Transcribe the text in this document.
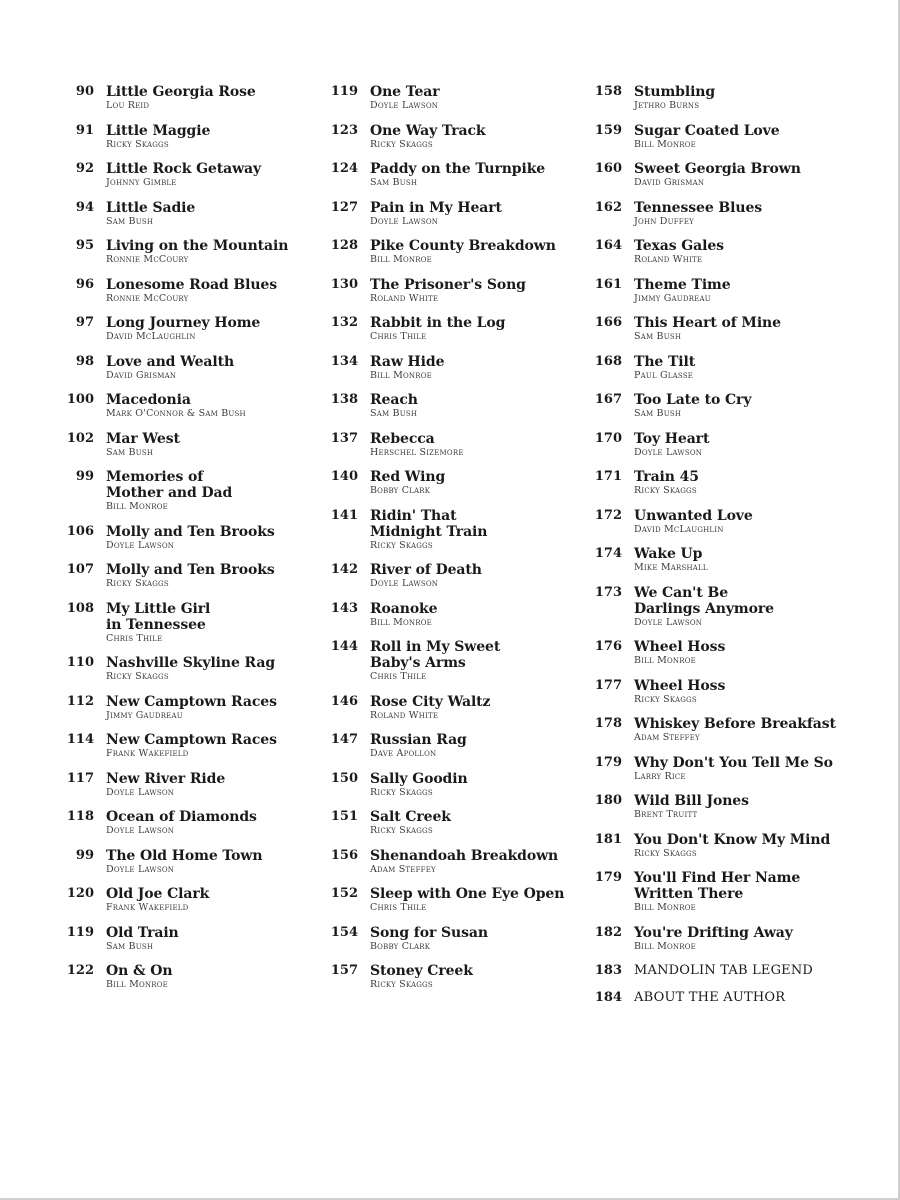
90 Little Georgia Rose
Lou Reid
91 Little Maggie
Ricky Skaggs
92 Little Rock Getaway
Johnny Gimble
94 Little Sadie
Sam Bush
95 Living on the Mountain
Ronnie McCoury
96 Lonesome Road Blues
Ronnie McCoury
97 Long Journey Home
David McLaughlin
98 Love and Wealth
David Grisman
100 Macedonia
Mark O'Connor & Sam Bush
102 Mar West
Sam Bush
99 Memories of
Mother and Dad
Bill Monroe
106 Molly and Ten Brooks
Doyle Lawson
107 Molly and Ten Brooks
Ricky Skaggs
108 My Little Girl
in Tennessee
Chris Thile
110 Nashville Skyline Rag
Ricky Skaggs
112 New Camptown Races
Jimmy Gaudreau
114 New Camptown Races
Frank Wakefield
117 New River Ride
Doyle Lawson
118 Ocean of Diamonds
Doyle Lawson
99 The Old Home Town
Doyle Lawson
120 Old Joe Clark
Frank Wakefield
119 Old Train
Sam Bush
122 On & On
Bill Monroe
119 One Tear
Doyle Lawson
123 One Way Track
Ricky Skaggs
124 Paddy on the Turnpike
Sam Bush
127 Pain in My Heart
Doyle Lawson
128 Pike County Breakdown
Bill Monroe
130 The Prisoner's Song
Roland White
132 Rabbit in the Log
Chris Thile
134 Raw Hide
Bill Monroe
138 Reach
Sam Bush
137 Rebecca
Herschel Sizemore
140 Red Wing
Bobby Clark
141 Ridin' That
Midnight Train
Ricky Skaggs
142 River of Death
Doyle Lawson
143 Roanoke
Bill Monroe
144 Roll in My Sweet
Baby's Arms
Chris Thile
146 Rose City Waltz
Roland White
147 Russian Rag
Dave Apollon
150 Sally Goodin
Ricky Skaggs
151 Salt Creek
Ricky Skaggs
156 Shenandoah Breakdown
Adam Steffey
152 Sleep with One Eye Open
Chris Thile
154 Song for Susan
Bobby Clark
157 Stoney Creek
Ricky Skaggs
158 Stumbling
Jethro Burns
159 Sugar Coated Love
Bill Monroe
160 Sweet Georgia Brown
David Grisman
162 Tennessee Blues
John Duffey
164 Texas Gales
Roland White
161 Theme Time
Jimmy Gaudreau
166 This Heart of Mine
Sam Bush
168 The Tilt
Paul Glasse
167 Too Late to Cry
Sam Bush
170 Toy Heart
Doyle Lawson
171 Train 45
Ricky Skaggs
172 Unwanted Love
David McLaughlin
174 Wake Up
Mike Marshall
173 We Can't Be
Darlings Anymore
Doyle Lawson
176 Wheel Hoss
Bill Monroe
177 Wheel Hoss
Ricky Skaggs
178 Whiskey Before Breakfast
Adam Steffey
179 Why Don't You Tell Me So
Larry Rice
180 Wild Bill Jones
Brent Truitt
181 You Don't Know My Mind
Ricky Skaggs
179 You'll Find Her Name
Written There
Bill Monroe
182 You're Drifting Away
Bill Monroe
183 MANDOLIN TAB LEGEND
184 ABOUT THE AUTHOR
